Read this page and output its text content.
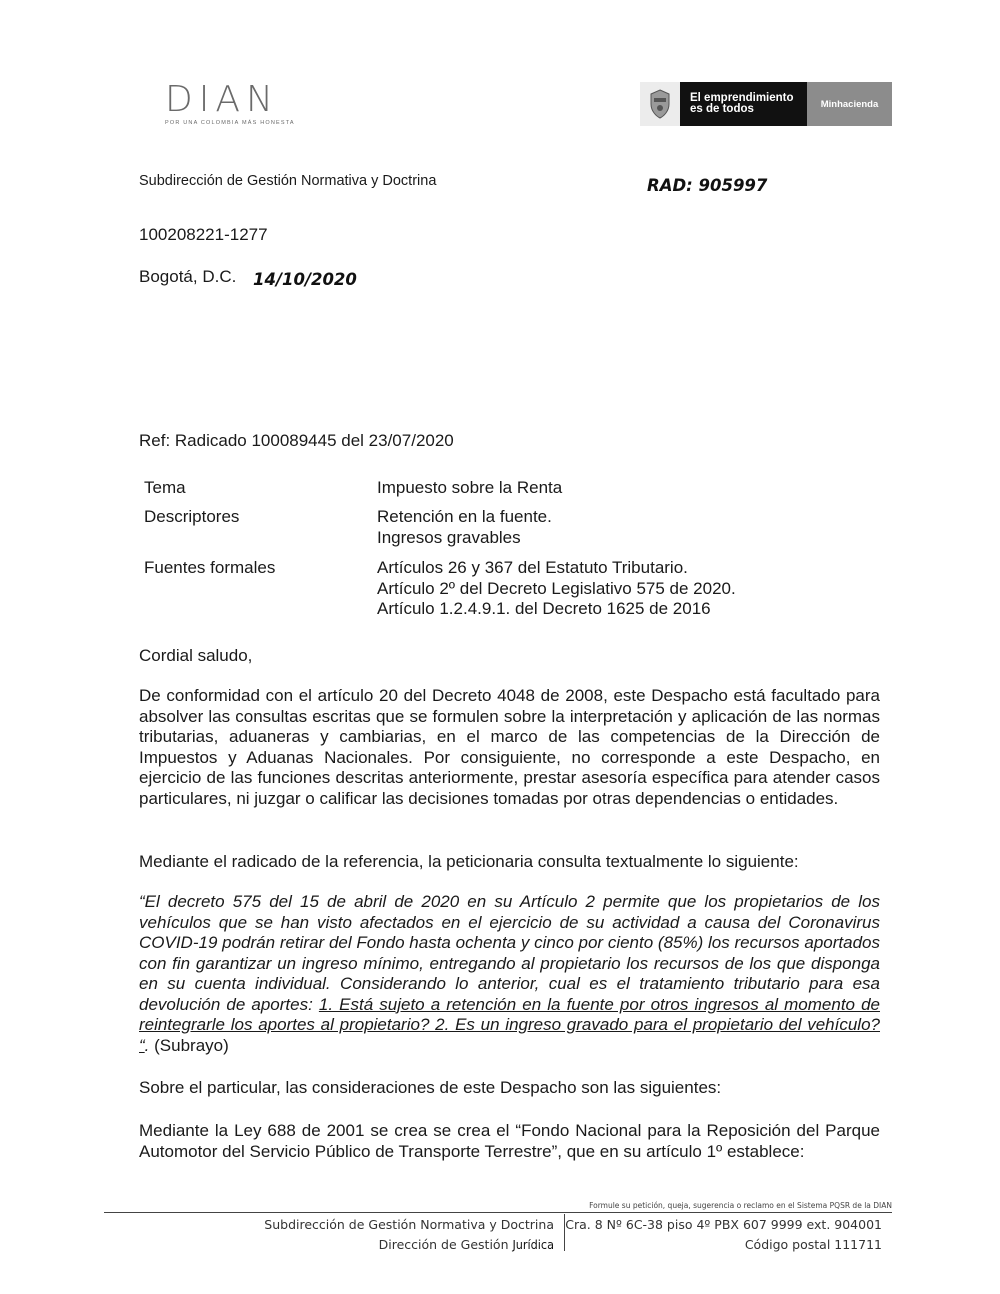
DIAN
POR UNA COLOMBIA MÁS HONESTA
El emprendimiento
es de todos	Minhacienda
Subdirección de Gestión Normativa y Doctrina	RAD: 905997
100208221-1277
Bogotá, D.C. 14/10/2020
Ref: Radicado 100089445 del 23/07/2020
Tema	Impuesto sobre la Renta
Descriptores	Retención en la fuente.
Ingresos gravables
Fuentes formales	Artículos 26 y 367 del Estatuto Tributario.
Artículo 2º del Decreto Legislativo 575 de 2020.
Artículo 1.2.4.9.1. del Decreto 1625 de 2016
Cordial saludo,
De conformidad con el artículo 20 del Decreto 4048 de 2008, este Despacho está facultado para absolver las consultas escritas que se formulen sobre la interpretación y aplicación de las normas tributarias, aduaneras y cambiarias, en el marco de las competencias de la Dirección de Impuestos y Aduanas Nacionales. Por consiguiente, no corresponde a este Despacho, en ejercicio de las funciones descritas anteriormente, prestar asesoría específica para atender casos particulares, ni juzgar o calificar las decisiones tomadas por otras dependencias o entidades.
Mediante el radicado de la referencia, la peticionaria consulta textualmente lo siguiente:
“El decreto 575 del 15 de abril de 2020 en su Artículo 2 permite que los propietarios de los vehículos que se han visto afectados en el ejercicio de su actividad a causa del Coronavirus COVID-19 podrán retirar del Fondo hasta ochenta y cinco por ciento (85%) los recursos aportados con fin garantizar un ingreso mínimo, entregando al propietario los recursos de los que disponga en su cuenta individual. Considerando lo anterior, cual es el tratamiento tributario para esa devolución de aportes: 1. Está sujeto a retención en la fuente por otros ingresos al momento de reintegrarle los aportes al propietario? 2. Es un ingreso gravado para el propietario del vehículo? “. (Subrayo)
Sobre el particular, las consideraciones de este Despacho son las siguientes:
Mediante la Ley 688 de 2001 se crea se crea el “Fondo Nacional para la Reposición del Parque Automotor del Servicio Público de Transporte Terrestre”, que en su artículo 1º establece:
Formule su petición, queja, sugerencia o reclamo en el Sistema PQSR de la DIAN
Subdirección de Gestión Normativa y Doctrina
Dirección de Gestión Jurídica
Cra. 8 Nº 6C-38 piso 4º PBX 607 9999 ext. 904001
Código postal 111711
